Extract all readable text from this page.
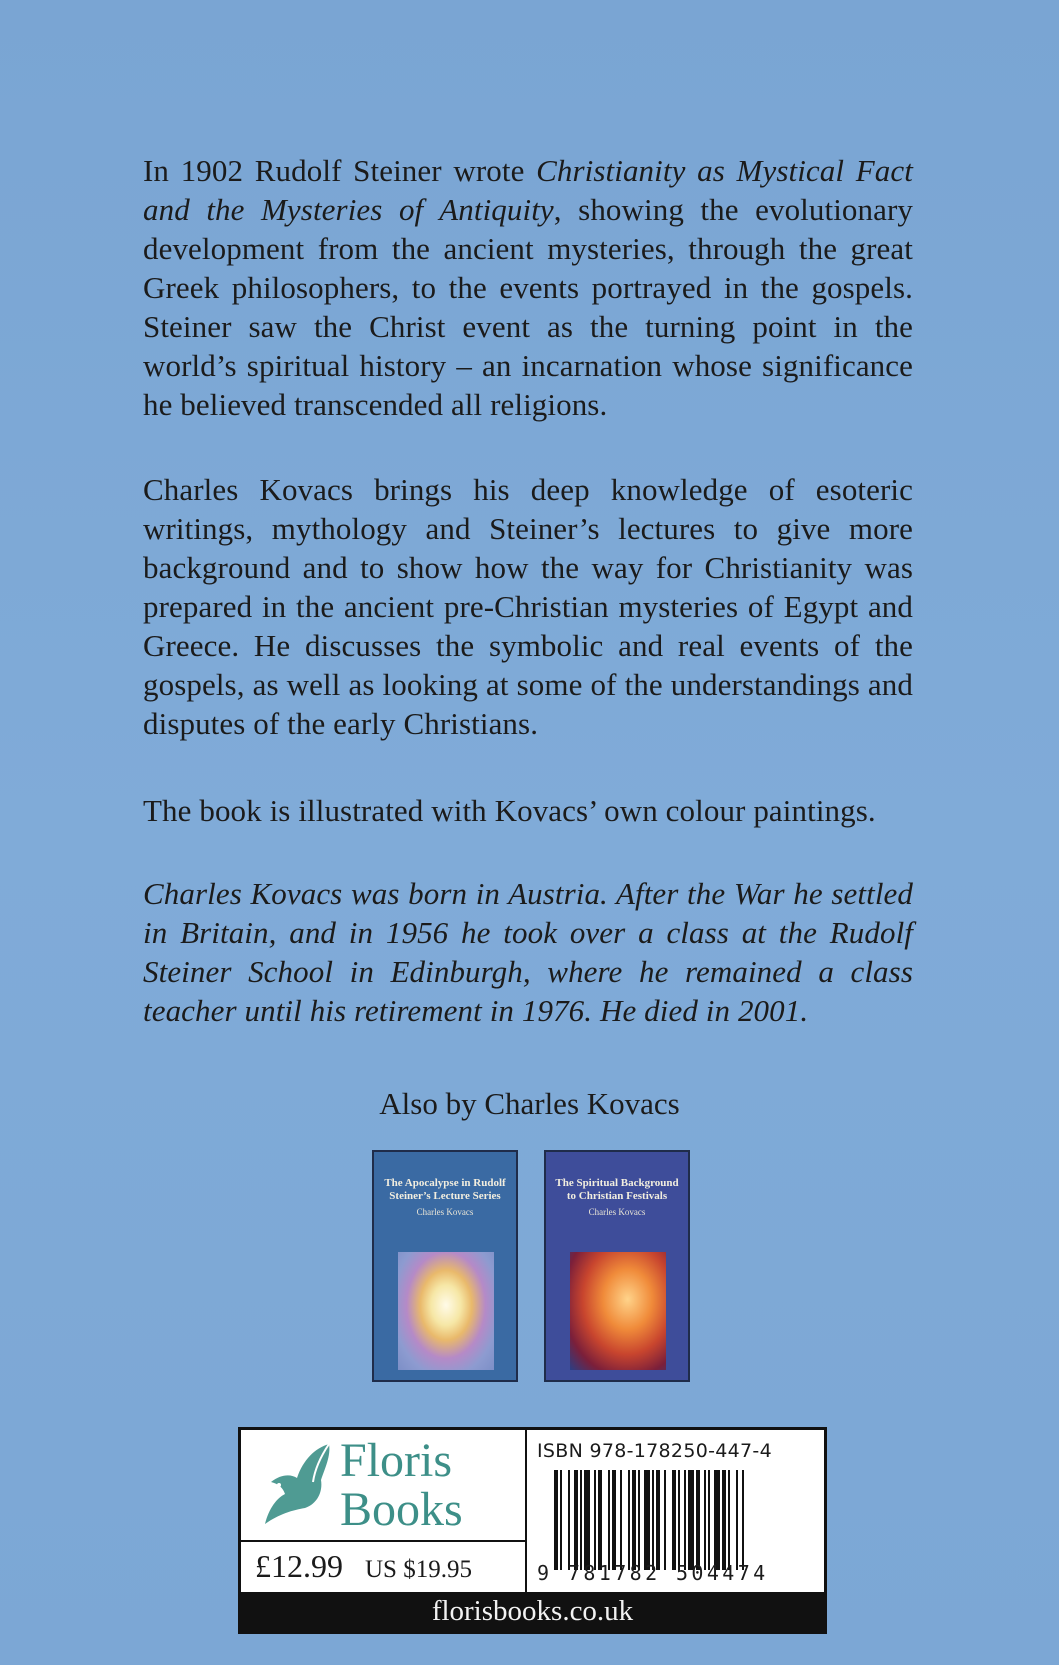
In 1902 Rudolf Steiner wrote Christianity as Mystical Fact and the Mysteries of Antiquity, showing the evolutionary development from the ancient mysteries, through the great Greek philosophers, to the events portrayed in the gospels. Steiner saw the Christ event as the turning point in the world’s spiritual history – an incarnation whose significance he believed transcended all religions.

Charles Kovacs brings his deep knowledge of esoteric writings, mythology and Steiner’s lectures to give more background and to show how the way for Christianity was prepared in the ancient pre-Christian mysteries of Egypt and Greece. He discusses the symbolic and real events of the gospels, as well as looking at some of the understandings and disputes of the early Christians.

The book is illustrated with Kovacs’ own colour paintings.

Charles Kovacs was born in Austria. After the War he settled in Britain, and in 1956 he took over a class at the Rudolf Steiner School in Edinburgh, where he remained a class teacher until his retirement in 1976. He died in 2001.

Also by Charles Kovacs
The Apocalypse in Rudolf Steiner’s Lecture Series
Charles Kovacs
The Spiritual Background to Christian Festivals
Charles Kovacs
Floris
Books
£12.99 US $19.95
ISBN 978-178250-447-4
9 781782 504474
florisbooks.co.uk
